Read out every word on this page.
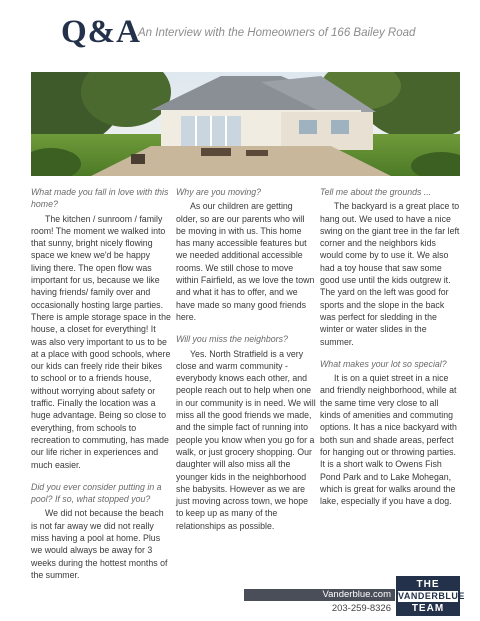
Q&A
An Interview with the Homeowners of 166 Bailey Road

What made you fall in love with this home?

The kitchen / sunroom / family room! The moment we walked into that sunny, bright nicely flowing space we knew we'd be happy living there. The open flow was important for us, because we like having friends/ family over and occasionally hosting large parties. There is ample storage space in the house, a closet for everything! It was also very important to us to be at a place with good schools, where our kids can freely ride their bikes to school or to a friends house, without worrying about safety or traffic. Finally the location was a huge advantage. Being so close to everything, from schools to recreation to commuting, has made our life richer in experiences and much easier.

Did you ever consider putting in a pool? If so, what stopped you?

We did not because the beach is not far away we did not really miss having a pool at home. Plus we would always be away for 3 weeks during the hottest months of the summer.

Why are you moving?

As our children are getting older, so are our parents who will be moving in with us. This home has many accessible features but we needed additional accessible rooms. We still chose to move within Fairfield, as we love the town and what it has to offer, and we have made so many good friends here.

Will you miss the neighbors?

Yes. North Stratfield is a very close and warm community - everybody knows each other, and people reach out to help when one in our community is in need. We will miss all the good friends we made, and the simple fact of running into people you know when you go for a walk, or just grocery shopping. Our daughter will also miss all the younger kids in the neighborhood she babysits. However as we are just moving across town, we hope to keep up as many of the relationships as possible.

Tell me about the grounds ...

The backyard is a great place to hang out. We used to have a nice swing on the giant tree in the far left corner and the neighbors kids would come by to use it. We also had a toy house that saw some good use until the kids outgrew it. The yard on the left was good for sports and the slope in the back was perfect for sledding in the winter or water slides in the summer.

What makes your lot so special?

It is on a quiet street in a nice and friendly neighborhood, while at the same time very close to all kinds of amenities and commuting options. It has a nice backyard with both sun and shade areas, perfect for hanging out or throwing parties. It is a short walk to Owens Fish Pond Park and to Lake Mohegan, which is great for walks around the lake, especially if you have a dog.

Vanderblue.com
203-259-8326
THE
VANDERBLUE
TEAM
